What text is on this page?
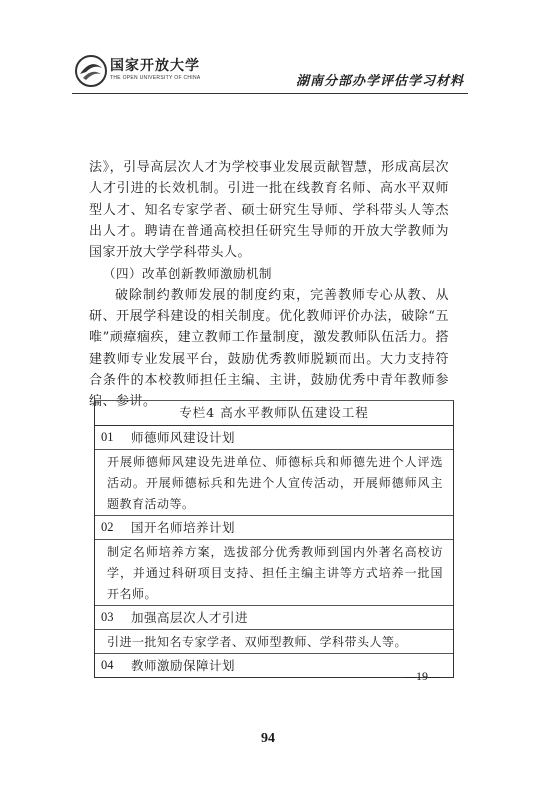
国家开放大学
THE OPEN UNIVERSITY OF CHINA	湖南分部办学评估学习材料

法》，引导高层次人才为学校事业发展贡献智慧，形成高层次人才引进的长效机制。引进一批在线教育名师、高水平双师型人才、知名专家学者、硕士研究生导师、学科带头人等杰出人才。聘请在普通高校担任研究生导师的开放大学教师为国家开放大学学科带头人。

（四）改革创新教师激励机制

破除制约教师发展的制度约束，完善教师专心从教、从研、开展学科建设的相关制度。优化教师评价办法，破除“五唯”顽瘴痼疾，建立教师工作量制度，激发教师队伍活力。搭建教师专业发展平台，鼓励优秀教师脱颖而出。大力支持符合条件的本校教师担任主编、主讲，鼓励优秀中青年教师参编、参讲。

专栏4 高水平教师队伍建设工程
01	师德师风建设计划
开展师德师风建设先进单位、师德标兵和师德先进个人评选活动。开展师德标兵和先进个人宣传活动，开展师德师风主题教育活动等。
02	国开名师培养计划
制定名师培养方案，选拔部分优秀教师到国内外著名高校访学，并通过科研项目支持、担任主编主讲等方式培养一批国开名师。
03	加强高层次人才引进
引进一批知名专家学者、双师型教师、学科带头人等。
04	教师激励保障计划
—19—
94
